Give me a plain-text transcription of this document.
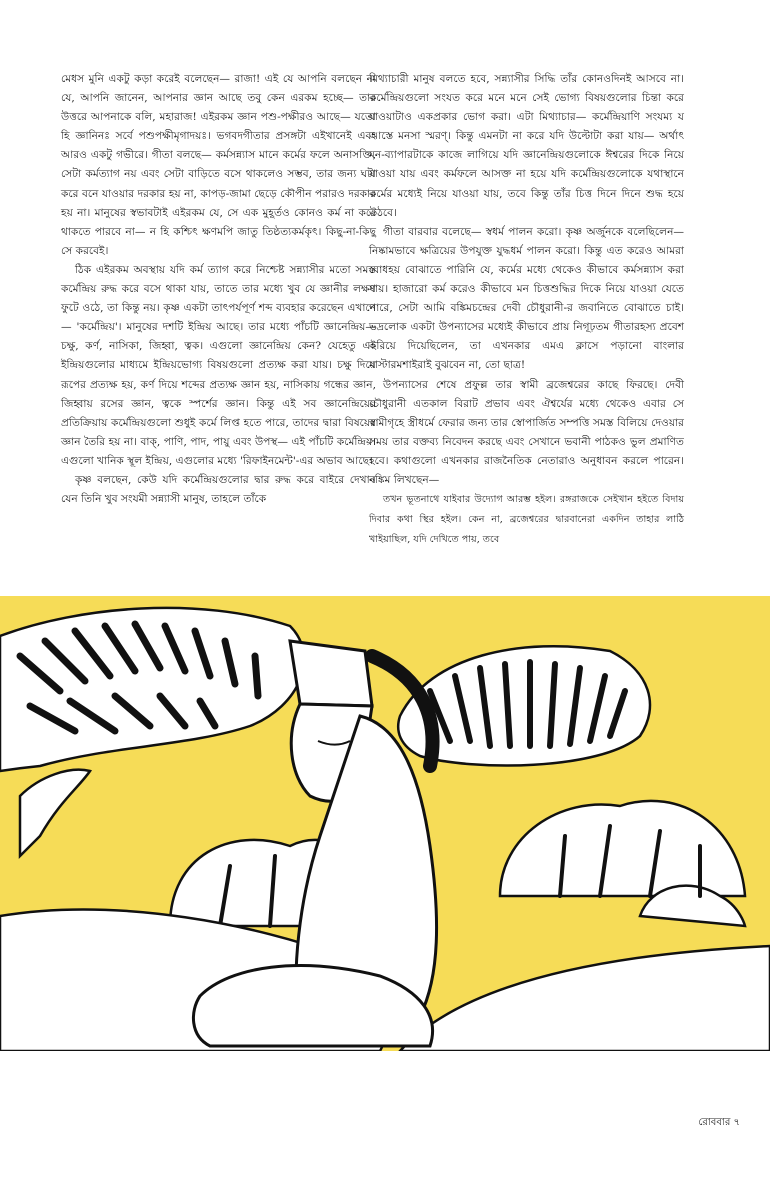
মেধস মুনি একটু কড়া করেই বলেছেন— রাজা! এই যে আপনি বলছেন না যে, আপনি জানেন, আপনার জ্ঞান আছে তবু কেন এরকম হচ্ছে— তার উত্তরে আপনাকে বলি, মহারাজ! এইরকম জ্ঞান পশু-পক্ষীরও আছে— যতো হি জ্ঞানিনঃ সর্বে পশুপক্ষীমৃগাদয়ঃ। ভগবদগীতার প্রসঙ্গটা এইখানেই এবং আরও একটু গভীরে। গীতা বলছে— কর্মসন্ন্যাস মানে কর্মের ফলে অনাসক্তি, সেটা কর্মত্যাগ নয় এবং সেটা বাড়িতে বসে থাকলেও সম্ভব, তার জন্য ঘটা করে বনে যাওয়ার দরকার হয় না, কাপড়-জামা ছেড়ে কৌপীন পরারও দরকার হয় না। মানুষের স্বভাবটাই এইরকম যে, সে এক মুহূর্তও কোনও কর্ম না করে থাকতে পারবে না— ন হি কশ্চিৎ ক্ষণমপি জাতু তিষ্ঠত্যকর্মকৃৎ। কিছু-না-কিছু সে করবেই।

ঠিক এইরকম অবস্থায় যদি কর্ম ত্যাগ করে নিশ্চেষ্ট সন্ন্যাসীর মতো সমস্ত কর্মেন্দ্রিয় রুদ্ধ করে বসে থাকা যায়, তাতে তার মধ্যে খুব যে জ্ঞানীর লক্ষণ ফুটে ওঠে, তা কিন্তু নয়। কৃষ্ণ একটা তাৎপর্যপূর্ণ শব্দ ব্যবহার করেছেন এখানে— 'কর্মেন্দ্রিয়'। মানুষের দশটি ইন্দ্রিয় আছে। তার মধ্যে পাঁচটি জ্ঞানেন্দ্রিয়— চক্ষু, কর্ণ, নাসিকা, জিহ্বা, ত্বক। এগুলো জ্ঞানেন্দ্রিয় কেন? যেহেতু এই ইন্দ্রিয়গুলোর মাধ্যমে ইন্দ্রিয়ভোগ্য বিষয়গুলো প্রত্যক্ষ করা যায়। চক্ষু দিয়ে রূপের প্রত্যক্ষ হয়, কর্ণ দিয়ে শব্দের প্রত্যক্ষ জ্ঞান হয়, নাসিকায় গন্ধের জ্ঞান, জিহ্বায় রসের জ্ঞান, ত্বকে স্পর্শের জ্ঞান। কিন্তু এই সব জ্ঞানেন্দ্রিয়ের প্রতিক্রিয়ায় কর্মেন্দ্রিয়গুলো শুধুই কর্মে লিপ্ত হতে পারে, তাদের দ্বারা বিষয়ের জ্ঞান তৈরি হয় না। বাক্, পাণি, পাদ, পায়ু এবং উপস্থ— এই পাঁচটি কর্মেন্দ্রিয়। এগুলো খানিক স্থূল ইন্দ্রিয়, এগুলোর মধ্যে 'রিফাইনমেন্ট'-এর অভাব আছে।

কৃষ্ণ বলছেন, কেউ যদি কর্মেন্দ্রিয়গুলোর দ্বার রুদ্ধ করে বাইরে দেখান যেন তিনি খুব সংযমী সন্ন্যাসী মানুষ, তাহলে তাঁকে

মিথ্যাচারী মানুষ বলতে হবে, সন্ন্যাসীর সিদ্ধি তাঁর কোনওদিনই আসবে না। কর্মেন্দ্রিয়গুলো সংযত করে মনে মনে সেই ভোগ্য বিষয়গুলোর চিন্তা করে যাওয়াটাও একপ্রকার ভোগ করা। এটা মিথ্যাচার— কর্মেন্দ্রিয়াণি সংযম্য য আস্তে মনসা স্মরণ্। কিন্তু এমনটা না করে যদি উল্টোটা করা যায়— অর্থাৎ মন-ব্যাপারটাকে কাজে লাগিয়ে যদি জ্ঞানেন্দ্রিয়গুলোকে ঈশ্বরের দিকে নিয়ে যাওয়া যায় এবং কর্মফলে আসক্ত না হয়ে যদি কর্মেন্দ্রিয়গুলোকে যথাস্থানে কর্মের মধ্যেই নিয়ে যাওয়া যায়, তবে কিন্তু তাঁর চিত্ত দিনে দিনে শুদ্ধ হয়ে উঠবে।

গীতা বারবার বলেছে— স্বধর্ম পালন করো। কৃষ্ণ অর্জুনকে বলেছিলেন— নিষ্কামভাবে ক্ষত্রিয়ের উপযুক্ত যুদ্ধধর্ম পালন করো। কিন্তু এত করেও আমরা বোধহয় বোঝাতে পারিনি যে, কর্মের মধ্যে থেকেও কীভাবে কর্মসন্ন্যাস করা যায়। হাজারো কর্ম করেও কীভাবে মন চিত্তশুদ্ধির দিকে নিয়ে যাওয়া যেতে পারে, সেটা আমি বঙ্কিমচন্দ্রের দেবী চৌধুরানী-র জবানিতে বোঝাতে চাই। ভদ্রলোক একটা উপন্যাসের মধ্যেই কীভাবে প্রায় নিগূঢ়তম গীতারহস্য প্রবেশ করিয়ে দিয়েছিলেন, তা এখনকার এমএ ক্লাসে পড়ানো বাংলার মাস্টারমশাইরাই বুঝবেন না, তো ছাত্র!

উপন্যাসের শেষে প্রফুল্ল তার স্বামী ব্রজেশ্বরের কাছে ফিরছে। দেবী চৌধুরানী এতকাল বিরাট প্রভাব এবং ঐশ্বর্যের মধ্যে থেকেও এবার সে স্বামীগৃহে স্ত্রীধর্মে ফেরার জন্য তার স্বোপার্জিত সম্পত্তি সমস্ত বিলিয়ে দেওয়ার সময় তার বক্তব্য নিবেদন করছে এবং সেখানে ভবানী পাঠকও ভুল প্রমাণিত হবে। কথাগুলো এখনকার রাজনৈতিক নেতারাও অনুধাবন করলে পারেন। বঙ্কিম লিখছেন—

তখন ভূতনাথে যাইবার উদ্যোগ আরম্ভ হইল। রঙ্গরাজকে সেইখান হইতে বিদায় দিবার কথা স্থির হইল। কেন না, ব্রজেশ্বরের দ্বারবানেরা একদিন তাহার লাঠি খাইয়াছিল, যদি দেখিতে পায়, তবে

রোববার ৭
